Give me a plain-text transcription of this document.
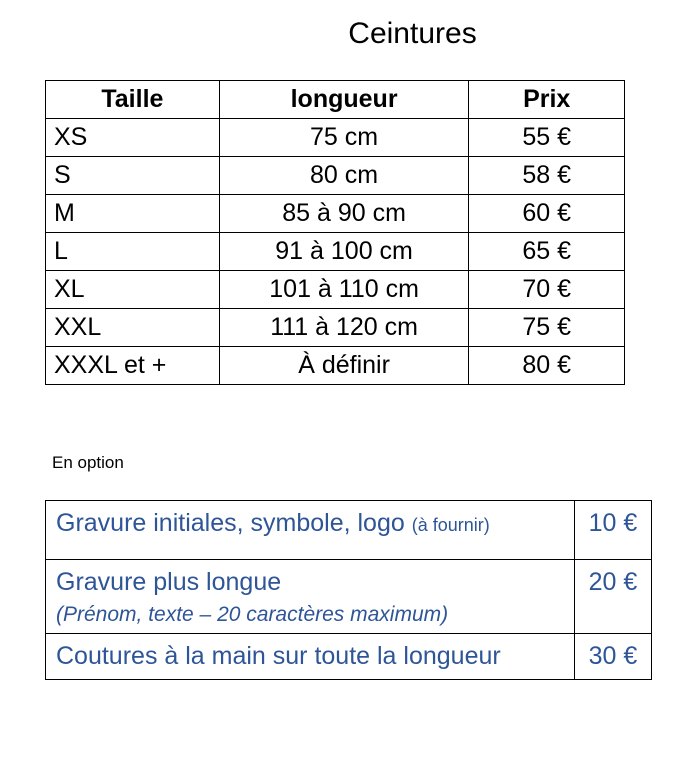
Ceintures
Taille	longueur	Prix
XS	75 cm	55 €
S	80 cm	58 €
M	85 à 90 cm	60 €
L	91 à 100 cm	65 €
XL	101 à 110 cm	70 €
XXL	111 à 120 cm	75 €
XXXL et +	À définir	80 €
En option
Gravure initiales, symbole, logo (à fournir)	10 €
Gravure plus longue
(Prénom, texte – 20 caractères maximum)	20 €
Coutures à la main sur toute la longueur	30 €
